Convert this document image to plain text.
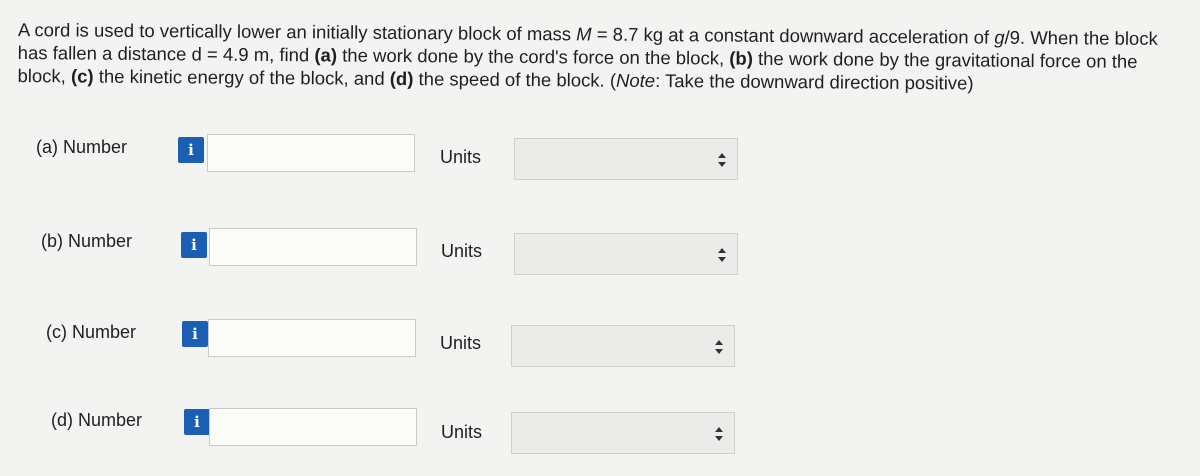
A cord is used to vertically lower an initially stationary block of mass M = 8.7 kg at a constant downward acceleration of g/9. When the block has fallen a distance d = 4.9 m, find (a) the work done by the cord's force on the block, (b) the work done by the gravitational force on the block, (c) the kinetic energy of the block, and (d) the speed of the block. (Note: Take the downward direction positive)
(a) Number	i	Units
(b) Number	i	Units
(c) Number	i	Units
(d) Number	i	Units
